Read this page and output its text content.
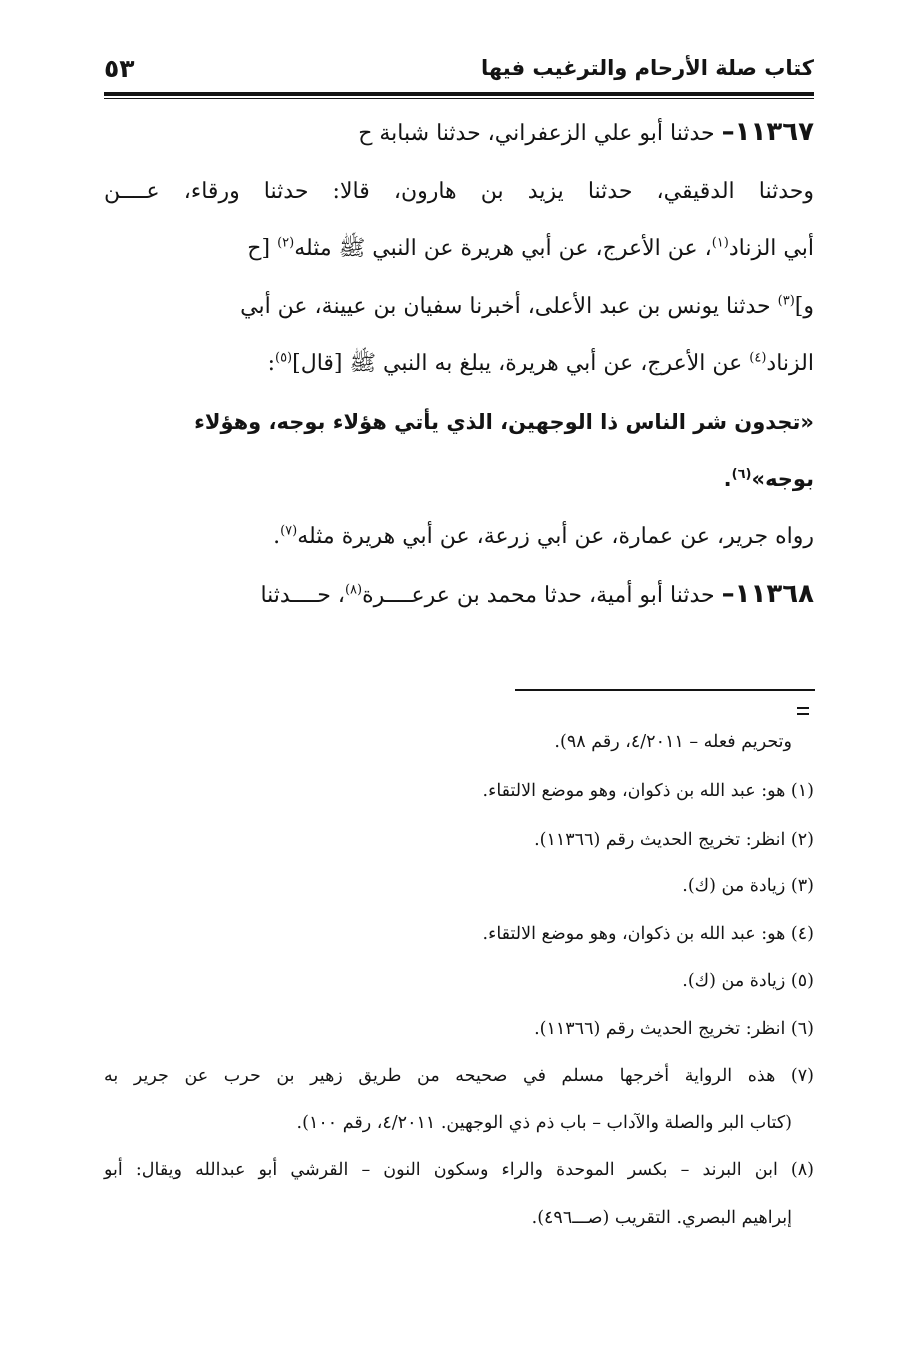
كتاب صلة الأرحام والترغيب فيها
٥٣
١١٣٦٧– حدثنا أبو علي الزعفراني، حدثنا شبابة ح
وحدثنا الدقيقي، حدثنا يزيد بن هارون، قالا: حدثنا ورقاء، عــــن
أبي الزناد$^{(١)}$، عن الأعرج، عن أبي هريرة عن النبي ﷺ مثله$^{(٢)}$ [ح
و]$^{(٣)}$ حدثنا يونس بن عبد الأعلى، أخبرنا سفيان بن عيينة، عن أبي
الزناد$^{(٤)}$ عن الأعرج، عن أبي هريرة، يبلغ به النبي ﷺ [قال]$^{(٥)}$:
«تجدون شر الناس ذا الوجهين، الذي يأتي هؤلاء بوجه، وهؤلاء
بوجه»$^{(٦)}$.
رواه جرير، عن عمارة، عن أبي زرعة، عن أبي هريرة مثله$^{(٧)}$.
١١٣٦٨– حدثنا أبو أمية، حدثا محمد بن عرعــــرة$^{(٨)}$، حــــدثنا
وتحريم فعله – ٤/٢٠١١، رقم ٩٨).
(١) هو: عبد الله بن ذكوان، وهو موضع الالتقاء.
(٢) انظر: تخريج الحديث رقم (١١٣٦٦).
(٣) زيادة من (ك).
(٤) هو: عبد الله بن ذكوان، وهو موضع الالتقاء.
(٥) زيادة من (ك).
(٦) انظر: تخريج الحديث رقم (١١٣٦٦).
(٧) هذه الرواية أخرجها مسلم في صحيحه من طريق زهير بن حرب عن جرير به
(كتاب البر والصلة والآداب – باب ذم ذي الوجهين. ٤/٢٠١١، رقم ١٠٠).
(٨) ابن البرند – بكسر الموحدة والراء وسكون النون – القرشي أبو عبدالله ويقال: أبو
إبراهيم البصري. التقريب (صـــ٤٩٦).
